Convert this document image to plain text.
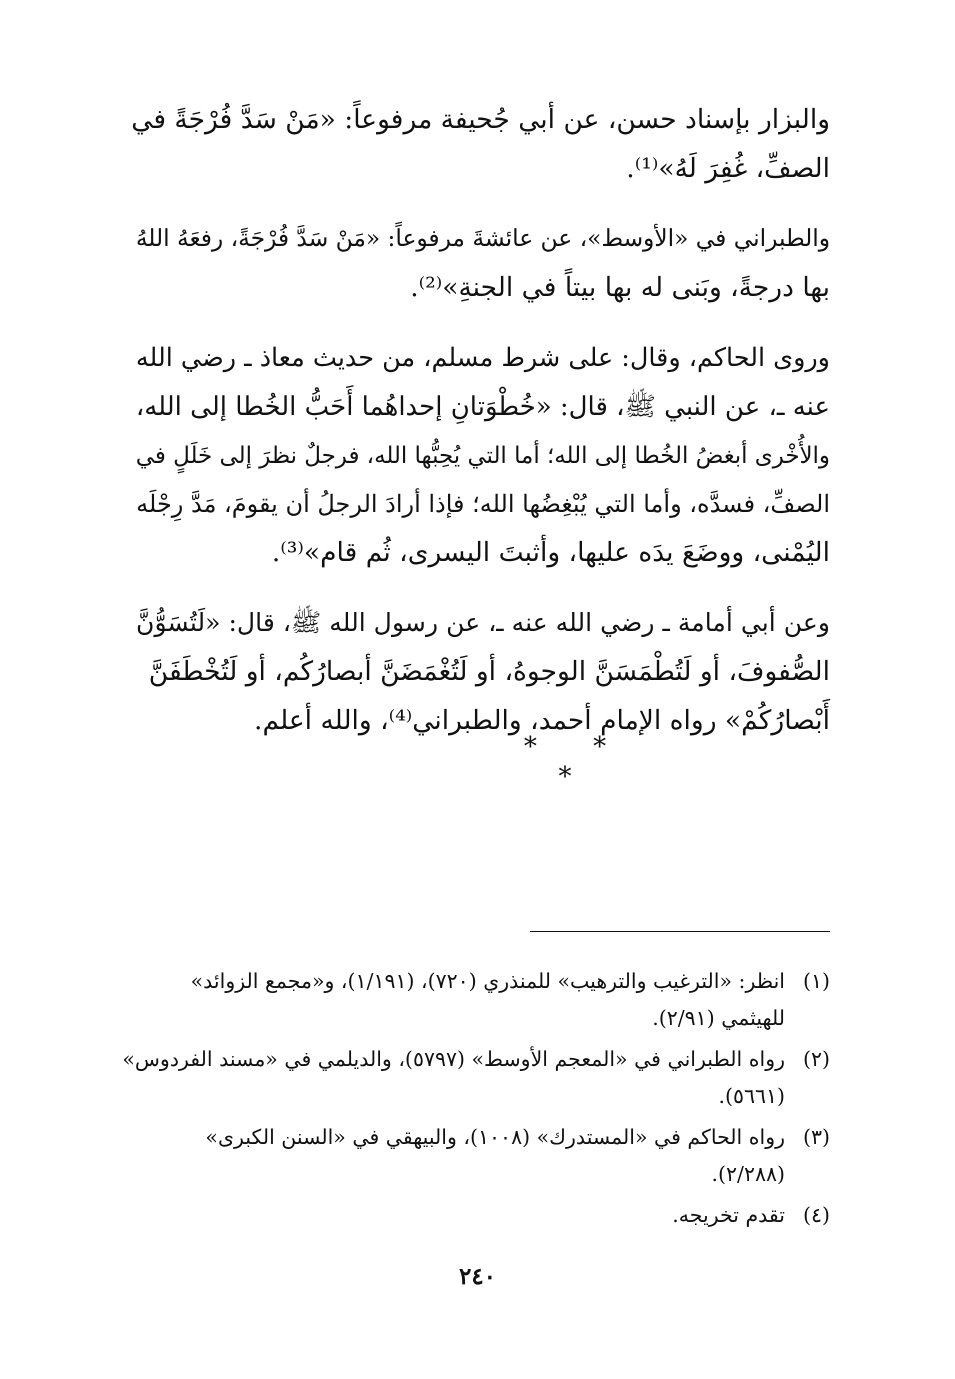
والبزار بإسناد حسن، عن أبي جُحيفة مرفوعاً: «مَنْ سَدَّ فُرْجَةً في
الصفِّ، غُفِرَ لَهُ»⁽¹⁾.

والطبراني في «الأوسط»، عن عائشةَ مرفوعاً: «مَنْ سَدَّ فُرْجَةً، رفعَهُ اللهُ
بها درجةً، وبَنى له بها بيتاً في الجنةِ»⁽²⁾.

وروى الحاكم، وقال: على شرط مسلم، من حديث معاذ ـ رضي الله
عنه ـ، عن النبي ﷺ، قال: «خُطْوَتانِ إحداهُما أَحَبُّ الخُطا إلى الله،
والأُخْرى أبغضُ الخُطا إلى الله؛ أما التي يُحِبُّها الله، فرجلٌ نظرَ إلى خَلَلٍ في
الصفِّ، فسدَّه، وأما التي يُبْغِضُها الله؛ فإذا أرادَ الرجلُ أن يقومَ، مَدَّ رِجْلَه
اليُمْنى، ووضَعَ يدَه عليها، وأثبتَ اليسرى، ثُم قام»⁽³⁾.

وعن أبي أمامة ـ رضي الله عنه ـ، عن رسول الله ﷺ، قال: «لَتُسَوُّنَّ
الصُّفوفَ، أو لَتُطْمَسَنَّ الوجوهُ، أو لَتُغْمَضَنَّ أبصارُكُم، أو لَتُخْطَفَنَّ
أَبْصارُكُمْ» رواه الإمام أحمد، والطبراني⁽⁴⁾، والله أعلم.

* * *
(١)
انظر: «الترغيب والترهيب» للمنذري (٧٢٠)، (١/١٩١)، و«مجمع الزوائد»
للهيثمي (٢/٩١).
(٢)
رواه الطبراني في «المعجم الأوسط» (٥٧٩٧)، والديلمي في «مسند الفردوس»
(٥٦٦١).
(٣)
رواه الحاكم في «المستدرك» (١٠٠٨)، والبيهقي في «السنن الكبرى»
(٢/٢٨٨).
(٤)
تقدم تخريجه.
٢٤٠
